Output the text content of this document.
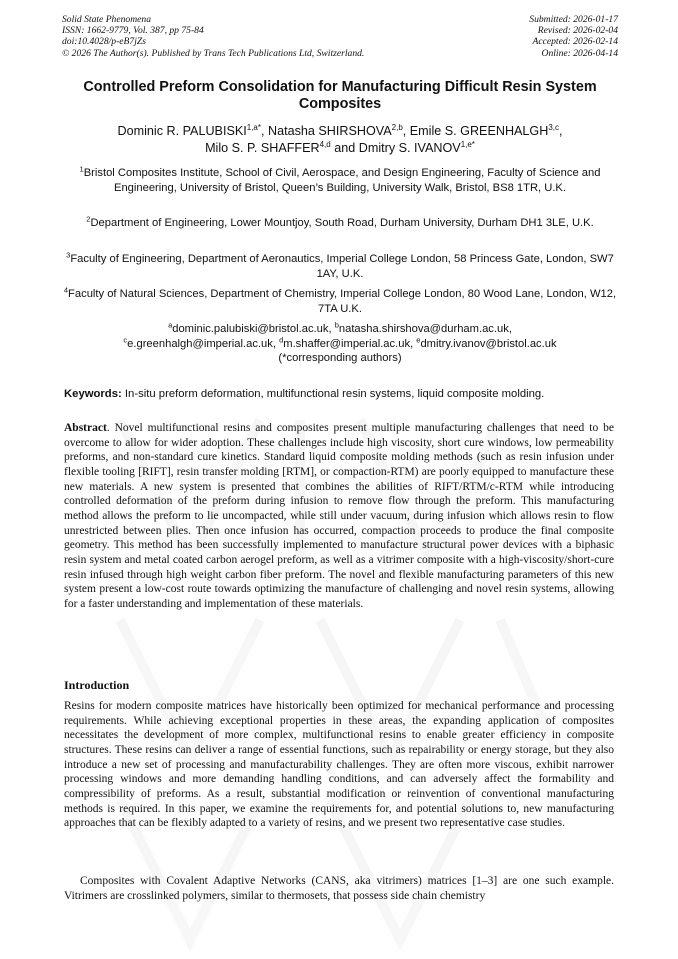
Solid State Phenomena
ISSN: 1662-9779, Vol. 387, pp 75-84
doi:10.4028/p-eB7jZs
© 2026 The Author(s). Published by Trans Tech Publications Ltd, Switzerland.
Submitted: 2026-01-17
Revised: 2026-02-04
Accepted: 2026-02-14
Online: 2026-04-14
Controlled Preform Consolidation for Manufacturing Difficult Resin System Composites
Dominic R. $PALUBISKI^{1,a*}$, Natasha SHIRSHOVA$^{2,b}$, Emile S. GREENHALGH$^{3,c}$,
Milo S. P. SHAFFER$^{4,d}$ and Dmitry S. $IVANOV^{1,e*}$
$^1$Bristol Composites Institute, School of Civil, Aerospace, and Design Engineering, Faculty of Science and Engineering, University of Bristol, Queen’s Building, University Walk, Bristol, BS8 1TR, U.K.
$^2$Department of Engineering, Lower Mountjoy, South Road, Durham University, Durham DH1 3LE, U.K.
$^3$Faculty of Engineering, Department of Aeronautics, Imperial College London, 58 Princess Gate, London, SW7 1AY, U.K.
$^4$Faculty of Natural Sciences, Department of Chemistry, Imperial College London, 80 Wood Lane, London, W12, 7TA U.K.
$^a$dominic.palubiski@bristol.ac.uk, $^b$natasha.shirshova@durham.ac.uk,
$^c$e.greenhalgh@imperial.ac.uk, $^d$m.shaffer@imperial.ac.uk, $^e$dmitry.ivanov@bristol.ac.uk
(*corresponding authors)
Keywords: In-situ preform deformation, multifunctional resin systems, liquid composite molding.

Abstract. Novel multifunctional resins and composites present multiple manufacturing challenges that need to be overcome to allow for wider adoption. These challenges include high viscosity, short cure windows, low permeability preforms, and non-standard cure kinetics. Standard liquid composite molding methods (such as resin infusion under flexible tooling [RIFT], resin transfer molding [RTM], or compaction-RTM) are poorly equipped to manufacture these new materials. A new system is presented that combines the abilities of RIFT/RTM/c-RTM while introducing controlled deformation of the preform during infusion to remove flow through the preform. This manufacturing method allows the preform to lie uncompacted, while still under vacuum, during infusion which allows resin to flow unrestricted between plies. Then once infusion has occurred, compaction proceeds to produce the final composite geometry. This method has been successfully implemented to manufacture structural power devices with a biphasic resin system and metal coated carbon aerogel preform, as well as a vitrimer composite with a high-viscosity/short-cure resin infused through high weight carbon fiber preform. The novel and flexible manufacturing parameters of this new system present a low-cost route towards optimizing the manufacture of challenging and novel resin systems, allowing for a faster understanding and implementation of these materials.

Introduction

Resins for modern composite matrices have historically been optimized for mechanical performance and processing requirements. While achieving exceptional properties in these areas, the expanding application of composites necessitates the development of more complex, multifunctional resins to enable greater efficiency in composite structures. These resins can deliver a range of essential functions, such as repairability or energy storage, but they also introduce a new set of processing and manufacturability challenges. They are often more viscous, exhibit narrower processing windows and more demanding handling conditions, and can adversely affect the formability and compressibility of preforms. As a result, substantial modification or reinvention of conventional manufacturing methods is required. In this paper, we examine the requirements for, and potential solutions to, new manufacturing approaches that can be flexibly adapted to a variety of resins, and we present two representative case studies.

Composites with Covalent Adaptive Networks (CANS, aka vitrimers) matrices [1–3] are one such example. Vitrimers are crosslinked polymers, similar to thermosets, that possess side chain chemistry
